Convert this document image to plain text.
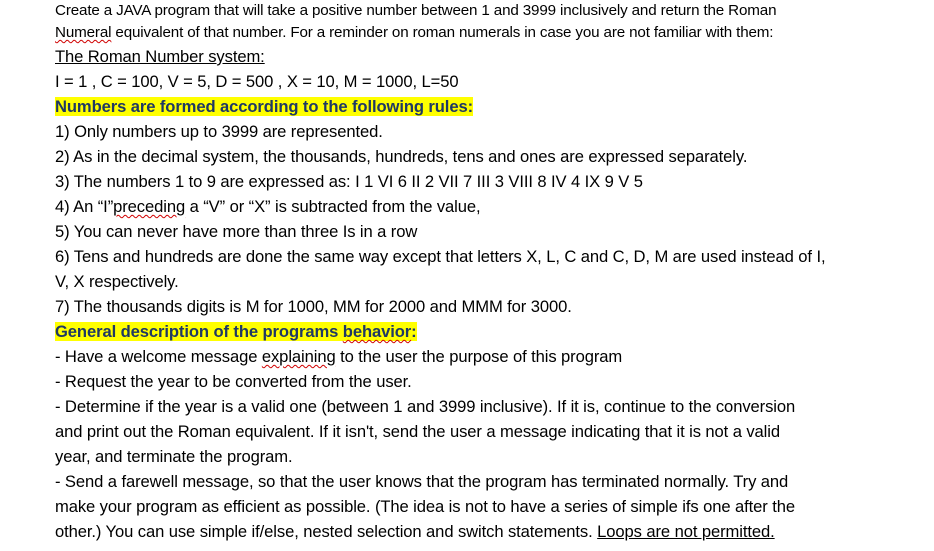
Create a JAVA program that will take a positive number between 1 and 3999 inclusively and return the Roman
Numeral equivalent of that number. For a reminder on roman numerals in case you are not familiar with them:
The Roman Number system:
I = 1 , C = 100, V = 5, D = 500 , X = 10, M = 1000, L=50
Numbers are formed according to the following rules:
1) Only numbers up to 3999 are represented.
2) As in the decimal system, the thousands, hundreds, tens and ones are expressed separately.
3) The numbers 1 to 9 are expressed as: I 1 VI 6 II 2 VII 7 III 3 VIII 8 IV 4 IX 9 V 5
4) An “I”preceding a “V” or “X” is subtracted from the value,
5) You can never have more than three Is in a row
6) Tens and hundreds are done the same way except that letters X, L, C and C, D, M are used instead of I,
V, X respectively.
7) The thousands digits is M for 1000, MM for 2000 and MMM for 3000.
General description of the programs behavior:
- Have a welcome message explaining to the user the purpose of this program
- Request the year to be converted from the user.
- Determine if the year is a valid one (between 1 and 3999 inclusive). If it is, continue to the conversion
and print out the Roman equivalent. If it isn't, send the user a message indicating that it is not a valid
year, and terminate the program.
- Send a farewell message, so that the user knows that the program has terminated normally. Try and
make your program as efficient as possible. (The idea is not to have a series of simple ifs one after the
other.) You can use simple if/else, nested selection and switch statements. Loops are not permitted.
